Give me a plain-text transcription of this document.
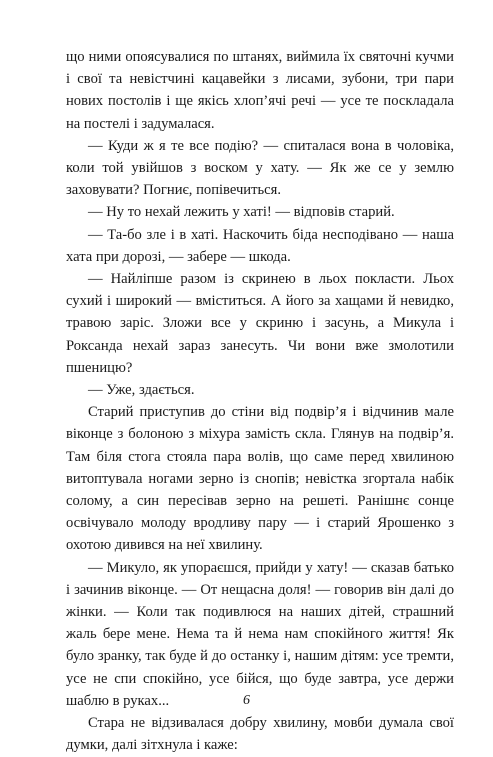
що ними опоясувалися по штанях, виймила їх святочні кучми і свої та невістчині кацавейки з лисами, зубони, три пари нових постолів і ще якісь хлоп’ячі речі — усе те поскладала на постелі і задумалася.

— Куди ж я те все подію? — спиталася вона в чоловіка, коли той увійшов з воском у хату. — Як же се у землю заховувати? Погниє, попівечиться.

— Ну то нехай лежить у хаті! — відповів старий.

— Та-бо зле і в хаті. Наскочить біда несподівано — наша хата при дорозі, — забере — шкода.

— Найліпше разом із скринею в льох покласти. Льох сухий і широкий — вміститься. А його за хащами й невидко, травою заріс. Зложи все у скриню і засунь, а Микула і Роксанда нехай зараз занесуть. Чи вони вже змолотили пшеницю?

— Уже, здається.

Старий приступив до стіни від подвір’я і відчинив мале віконце з болоною з міхура замість скла. Глянув на подвір’я. Там біля стога стояла пара волів, що саме перед хвилиною витоптувала ногами зерно із снопів; невістка згортала набік солому, а син пересівав зерно на решеті. Ранішнє сонце освічувало молоду вродливу пару — і старий Ярошенко з охотою дивився на неї хвилину.

— Микуло, як упораєшся, прийди у хату! — сказав батько і зачинив віконце. — От нещасна доля! — говорив він далі до жінки. — Коли так подивлюся на наших дітей, страшний жаль бере мене. Нема та й нема нам спокійного життя! Як було зранку, так буде й до останку і, нашим дітям: усе тремти, усе не спи спокійно, усе бійся, що буде завтра, усе держи шаблю в руках...

Стара не відзивалася добру хвилину, мовби думала свої думки, далі зітхнула і каже:

6
